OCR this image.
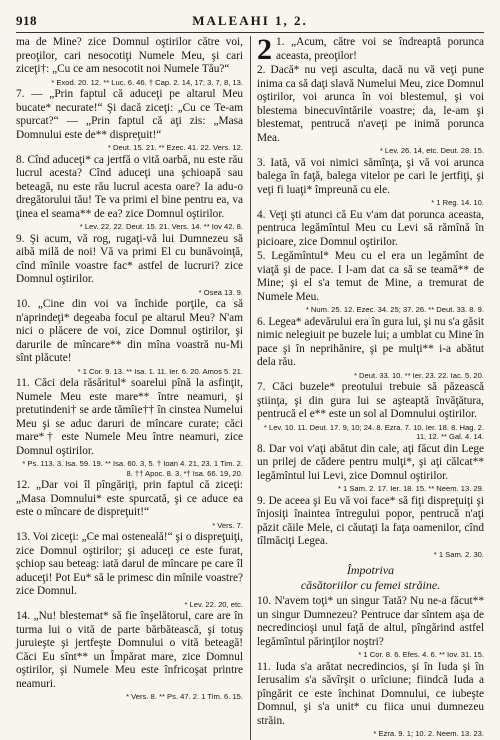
918	MALEAHI 1, 2.
ma de Mine? zice Domnul oştirilor către voi, preoţilor, cari nesocotiţi Numele Meu, şi cari ziceţi†: „Cu ce am nesocotit noi Numele Tău?“
* Exod. 20. 12. ** Luc. 6. 46. † Cap. 2. 14, 17; 3. 7, 8, 13.
7. — „Prin faptul că aduceţi pe altarul Meu bucate* necurate!“ Şi dacă ziceţi: „Cu ce Te-am spurcat?“ — „Prin faptul că aţi zis: „Masa Domnului este de** dispreţuit!“
* Deut. 15. 21. ** Ezec. 41. 22. Vers. 12.
8. Cînd aduceţi* ca jertfă o vită oarbă, nu este rău lucrul acesta? Cînd aduceţi una şchioapă sau beteagă, nu este rău lucrul acesta oare? Ia adu-o dregătorului tău! Te va primi el bine pentru ea, va ţinea el seama** de ea? zice Domnul oştirilor.
* Lev. 22. 22. Deut. 15. 21. Vers. 14. ** Iov 42. 8.
9. Şi acum, vă rog, rugaţi-vă lui Dumnezeu să aibă milă de noi! Vă va primi El cu bunăvoinţă, cînd mînile voastre fac* astfel de lucruri? zice Domnul oştirilor.
* Osea 13. 9.
10. „Cine din voi va închide porţile, ca să n'aprindeţi* degeaba focul pe altarul Meu? N'am nici o plăcere de voi, zice Domnul oştirilor, şi darurile de mîncare** din mîna voastră nu-Mi sînt plăcute!
* 1 Cor. 9. 13. ** Isa. 1. 11. Ier. 6. 20. Amos 5. 21.
11. Căci dela răsăritul* soarelui pînă la asfinţit, Numele Meu este mare** între neamuri, şi pretutindeni† se arde tămîie†† în cinstea Numelui Meu şi se aduc daruri de mîncare curate; căci mare*† este Numele Meu între neamuri, zice Domnul oştirilor.
* Ps. 113. 3. Isa. 59. 19. ** Isa. 60. 3, 5. † Ioan 4. 21, 23. 1 Tim. 2. 8. †† Apoc. 8. 3. *† Isa. 66. 19, 20.
12. „Dar voi îl pîngăriţi, prin faptul că ziceţi: „Masa Domnului* este spurcată, şi ce aduce ea este o mîncare de dispreţuit!“
* Vers. 7.
13. Voi ziceţi: „Ce mai osteneală!“ şi o dispreţuiţi, zice Domnul oştirilor; şi aduceţi ce este furat, şchiop sau beteag: iată darul de mîncare pe care îl aduceţi! Pot Eu* să le primesc din mînile voastre? zice Domnul.
* Lev. 22. 20, etc.
14. „Nu! blestemat* să fie înşelătorul, care are în turma lui o vită de parte bărbătească, şi totuş juruieşte şi jertfeşte Domnului o vită beteagă! Căci Eu sînt** un Împărat mare, zice Domnul oştirilor, şi Numele Meu este înfricoşat printre neamuri.
* Vers. 8. ** Ps. 47. 2. 1 Tim. 6. 15.
2 1. „Acum, către voi se îndreaptă porunca aceasta, preoţilor!
2. Dacă* nu veţi asculta, dacă nu vă veţi pune inima ca să daţi slavă Numelui Meu, zice Domnul oştirilor, voi arunca în voi blestemul, şi voi blestema binecuvîntările voastre; da, le-am şi blestemat, pentrucă n'aveţi pe inimă porunca Mea.
* Lev. 26. 14, etc. Deut. 28. 15.
3. Iată, vă voi nimici sămînţa, şi vă voi arunca balega în faţă, balega vitelor pe cari le jertfiţi, şi veţi fi luaţi* împreună cu ele.
* 1 Reg. 14. 10.
4. Veţi şti atunci că Eu v'am dat porunca aceasta, pentruca legămîntul Meu cu Levi să rămînă în picioare, zice Domnul oştirilor.
5. Legămîntul* Meu cu el era un legămînt de viaţă şi de pace. I l-am dat ca să se teamă** de Mine; şi el s'a temut de Mine, a tremurat de Numele Meu.
* Num. 25. 12. Ezec. 34. 25; 37. 26. ** Deut. 33. 8. 9.
6. Legea* adevărului era în gura lui, şi nu s'a găsit nimic nelegiuit pe buzele lui; a umblat cu Mine în pace şi în neprihănire, şi pe mulţi** i-a abătut dela rău.
* Deut. 33. 10. ** Ier. 23. 22. Iac. 5. 20.
7. Căci buzele* preotului trebuie să păzească ştiinţa, şi din gura lui se aşteaptă învăţătura, pentrucă el e** este un sol al Domnului oştirilor.
* Lev. 10. 11. Deut. 17. 9, 10; 24. 8. Ezra. 7. 10. Ier. 18. 8. Hag. 2. 11, 12. ** Gal. 4. 14.
8. Dar voi v'aţi abătut din cale, aţi făcut din Lege un prilej de cădere pentru mulţi*, şi aţi călcat** legămîntul lui Levi, zice Domnul oştirilor.
* 1 Sam. 2. 17. Ier. 18. 15. ** Neem. 13. 29.
9. De aceea şi Eu vă voi face* să fiţi dispreţuiţi şi înjosiţi înaintea întregului popor, pentrucă n'aţi păzit căile Mele, ci căutaţi la faţa oamenilor, cînd tîlmăciţi Legea.
* 1 Sam. 2. 30.
Împotriva
căsătoriilor cu femei străine.
10. N'avem toţi* un singur Tată? Nu ne-a făcut** un singur Dumnezeu? Pentruce dar sîntem aşa de necredincioşi unul faţă de altul, pîngărind astfel legămîntul părinţilor noştri?
* 1 Cor. 8. 6. Efes. 4. 6. ** Iov. 31. 15.
11. Iuda s'a arătat necredincios, şi în Iuda şi în Ierusalim s'a săvîrşit o urîciune; fiindcă Iuda a pîngărit ce este închinat Domnului, ce iubeşte Domnul, şi s'a unit* cu fiica unui dumnezeu străin.
* Ezra. 9. 1; 10. 2. Neem. 13. 23.
